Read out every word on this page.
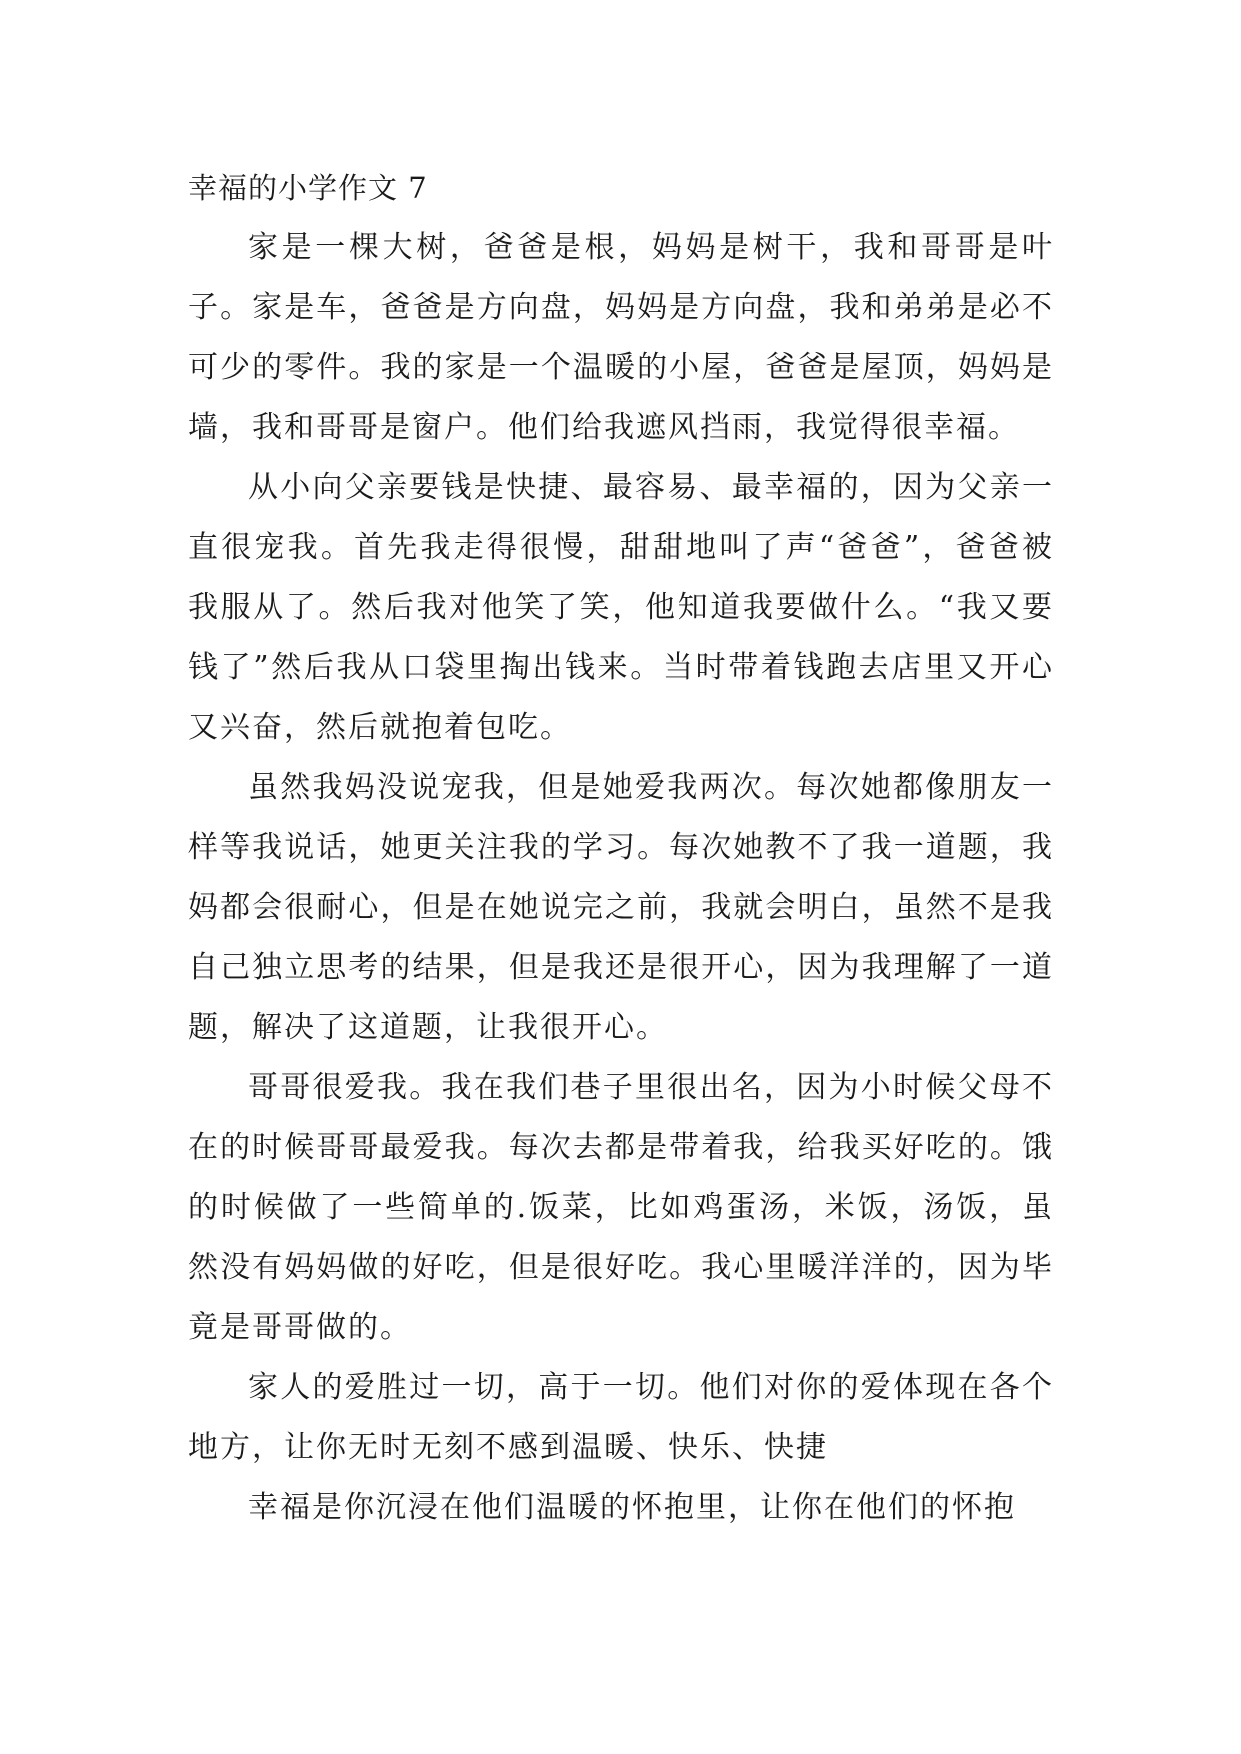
幸福的小学作文 7

家是一棵大树，爸爸是根，妈妈是树干，我和哥哥是叶子。家是车，爸爸是方向盘，妈妈是方向盘，我和弟弟是必不可少的零件。我的家是一个温暖的小屋，爸爸是屋顶，妈妈是墙，我和哥哥是窗户。他们给我遮风挡雨，我觉得很幸福。

从小向父亲要钱是快捷、最容易、最幸福的，因为父亲一直很宠我。首先我走得很慢，甜甜地叫了声“爸爸”，爸爸被我服从了。然后我对他笑了笑，他知道我要做什么。“我又要钱了”然后我从口袋里掏出钱来。当时带着钱跑去店里又开心又兴奋，然后就抱着包吃。

虽然我妈没说宠我，但是她爱我两次。每次她都像朋友一样等我说话，她更关注我的学习。每次她教不了我一道题，我妈都会很耐心，但是在她说完之前，我就会明白，虽然不是我自己独立思考的结果，但是我还是很开心，因为我理解了一道题，解决了这道题，让我很开心。

哥哥很爱我。我在我们巷子里很出名，因为小时候父母不在的时候哥哥最爱我。每次去都是带着我，给我买好吃的。饿的时候做了一些简单的.饭菜，比如鸡蛋汤，米饭，汤饭，虽然没有妈妈做的好吃，但是很好吃。我心里暖洋洋的，因为毕竟是哥哥做的。

家人的爱胜过一切，高于一切。他们对你的爱体现在各个地方，让你无时无刻不感到温暖、快乐、快捷

幸福是你沉浸在他们温暖的怀抱里，让你在他们的怀抱
